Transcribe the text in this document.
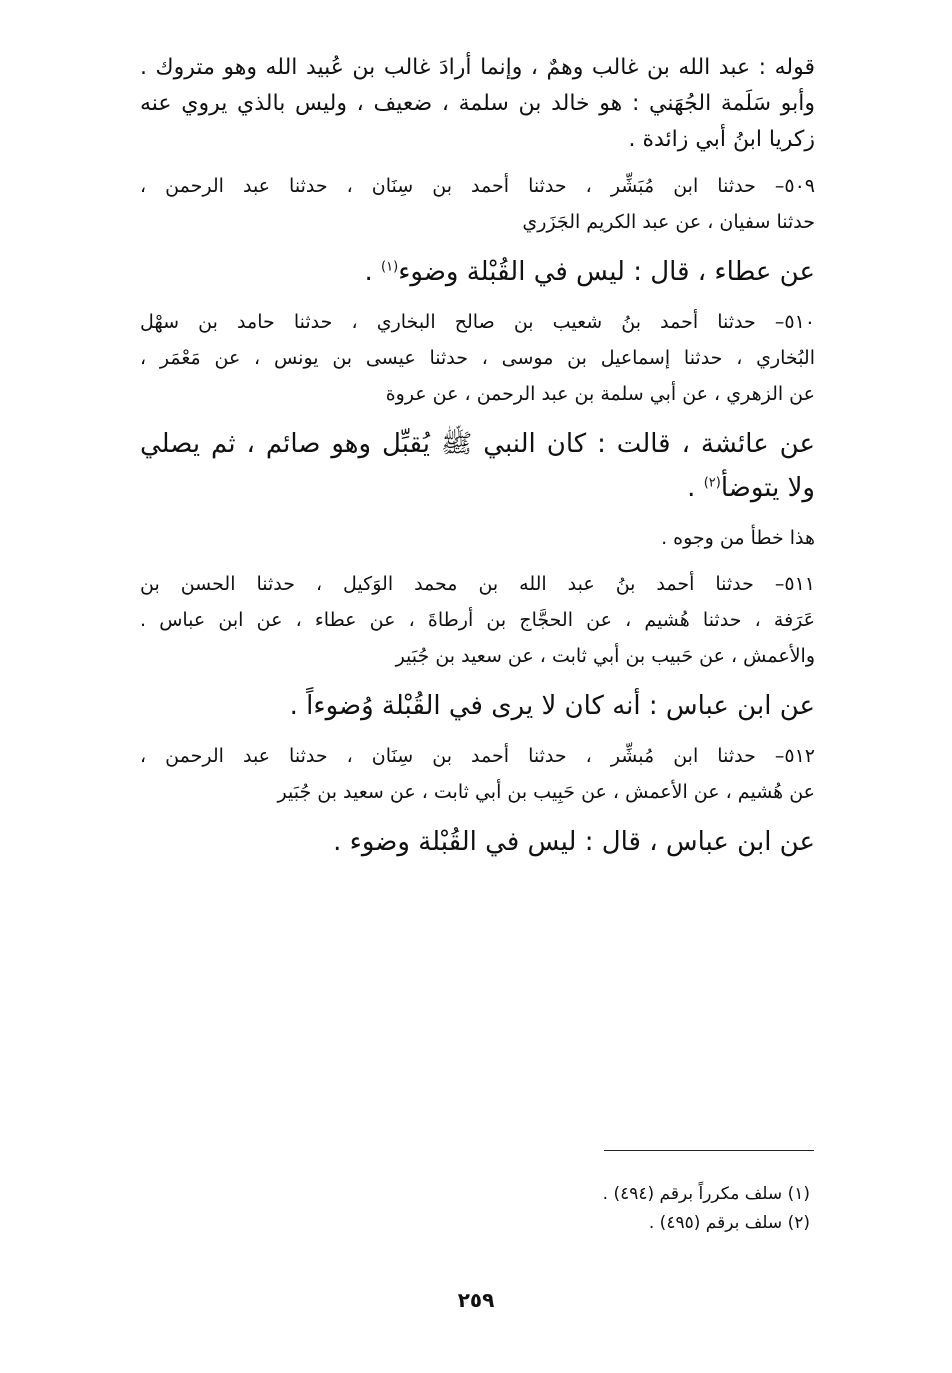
قوله : عبد الله بن غالب وهمٌ ، وإنما أرادَ غالب بن عُبيد الله وهو متروك .
وأبو سَلَمة الجُهَني : هو خالد بن سلمة ، ضعيف ، وليس بالذي يروي عنه
زكريا ابنُ أبي زائدة .
٥٠٩– حدثنا ابن مُبَشِّر ، حدثنا أحمد بن سِنَان ، حدثنا عبد الرحمن ،
حدثنا سفيان ، عن عبد الكريم الجَزَري
عن عطاء ، قال : ليس في القُبْلة وضوء$^{(١)}$ .
٥١٠– حدثنا أحمد بنُ شعيب بن صالح البخاري ، حدثنا حامد بن سهْل
البُخاري ، حدثنا إسماعيل بن موسى ، حدثنا عيسى بن يونس ، عن مَعْمَر ،
عن الزهري ، عن أبي سلمة بن عبد الرحمن ، عن عروة
عن عائشة ، قالت : كان النبي ﷺ يُقبِّل وهو صائم ، ثم يصلي
ولا يتوضأ$^{(٢)}$ .
هذا خطأ من وجوه .
٥١١– حدثنا أحمد بنُ عبد الله بن محمد الوَكيل ، حدثنا الحسن بن
عَرَفة ، حدثنا هُشيم ، عن الحجَّاج بن أرطاةَ ، عن عطاء ، عن ابن عباس .
والأعمش ، عن حَبيب بن أبي ثابت ، عن سعيد بن جُبَير
عن ابن عباس : أنه كان لا يرى في القُبْلة وُضوءاً .
٥١٢– حدثنا ابن مُبشِّر ، حدثنا أحمد بن سِنَان ، حدثنا عبد الرحمن ،
عن هُشيم ، عن الأعمش ، عن حَبِيب بن أبي ثابت ، عن سعيد بن جُبَير
عن ابن عباس ، قال : ليس في القُبْلة وضوء .
(١) سلف مكرراً برقم (٤٩٤) .
(٢) سلف برقم (٤٩٥) .
٢٥٩
